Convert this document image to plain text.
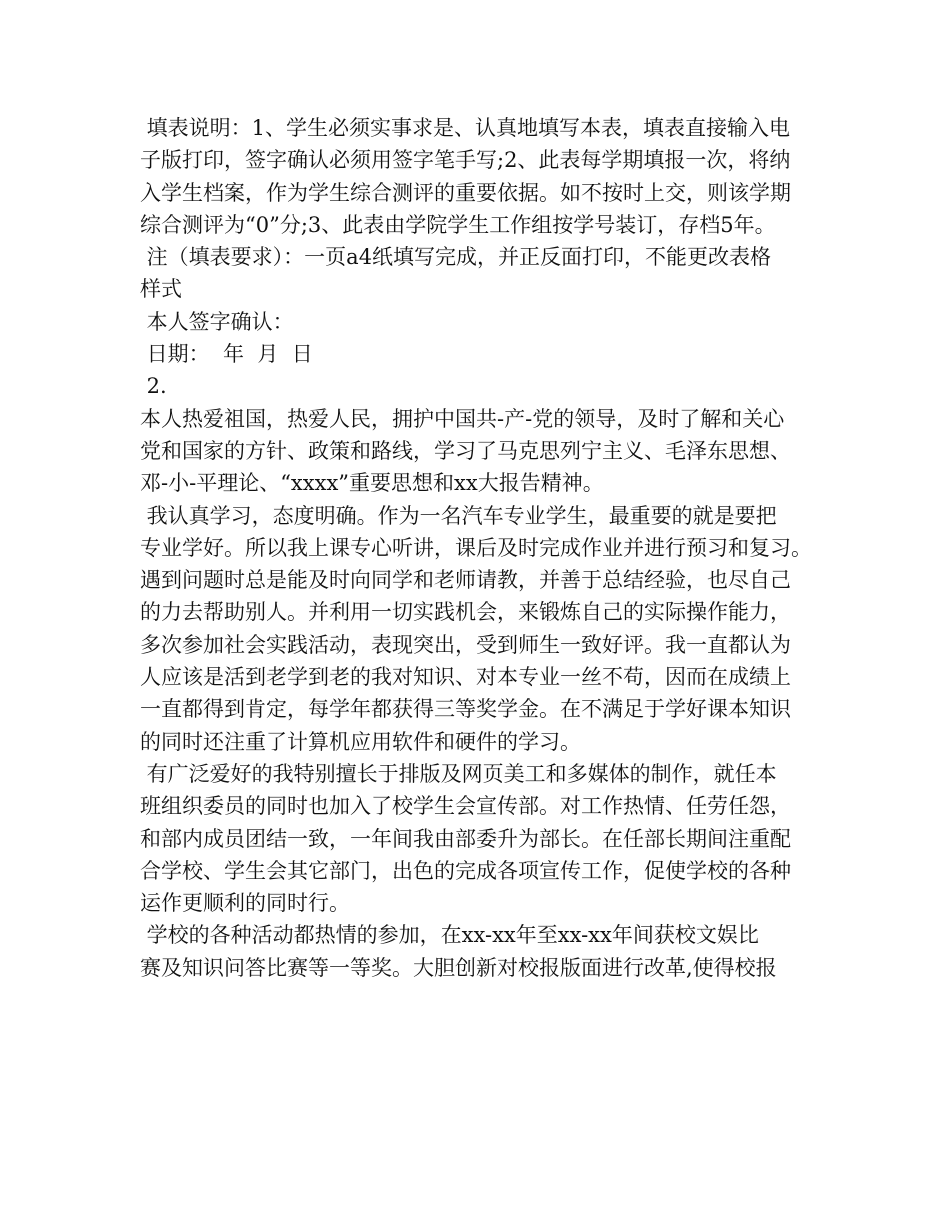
填表说明：1、学生必须实事求是、认真地填写本表，填表直接输入电
子版打印，签字确认必须用签字笔手写;2、此表每学期填报一次，将纳
入学生档案，作为学生综合测评的重要依据。如不按时上交，则该学期
综合测评为“0”分;3、此表由学院学生工作组按学号装订，存档5年。
注（填表要求）：一页a4纸填写完成，并正反面打印，不能更改表格
样式
本人签字确认：
日期：  年  月  日
2.
本人热爱祖国，热爱人民，拥护中国共-产-党的领导，及时了解和关心
党和国家的方针、政策和路线，学习了马克思列宁主义、毛泽东思想、
邓-小-平理论、“xxxx”重要思想和xx大报告精神。
我认真学习，态度明确。作为一名汽车专业学生，最重要的就是要把
专业学好。所以我上课专心听讲，课后及时完成作业并进行预习和复习。
遇到问题时总是能及时向同学和老师请教，并善于总结经验，也尽自己
的力去帮助别人。并利用一切实践机会，来锻炼自己的实际操作能力，
多次参加社会实践活动，表现突出，受到师生一致好评。我一直都认为
人应该是活到老学到老的我对知识、对本专业一丝不苟，因而在成绩上
一直都得到肯定，每学年都获得三等奖学金。在不满足于学好课本知识
的同时还注重了计算机应用软件和硬件的学习。
有广泛爱好的我特别擅长于排版及网页美工和多媒体的制作，就任本
班组织委员的同时也加入了校学生会宣传部。对工作热情、任劳任怨，
和部内成员团结一致，一年间我由部委升为部长。在任部长期间注重配
合学校、学生会其它部门，出色的完成各项宣传工作，促使学校的各种
运作更顺利的同时行。
学校的各种活动都热情的参加，在xx-xx年至xx-xx年间获校文娱比
赛及知识问答比赛等一等奖。大胆创新对校报版面进行改革,使得校报
